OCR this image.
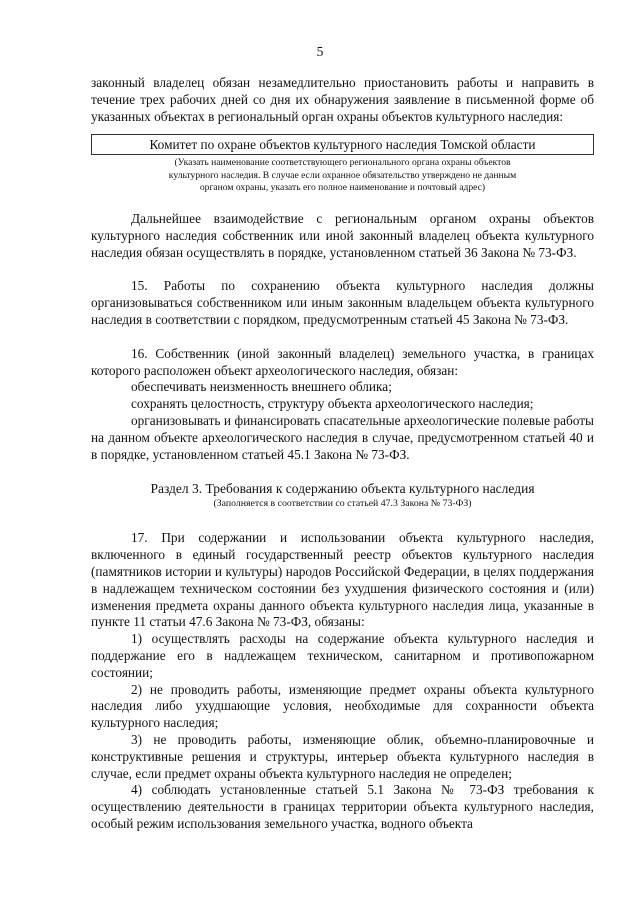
5

законный владелец обязан незамедлительно приостановить работы и направить в течение трех рабочих дней со дня их обнаружения заявление в письменной форме об указанных объектах в региональный орган охраны объектов культурного наследия:

Комитет по охране объектов культурного наследия Томской области
(Указать наименование соответствующего регионального органа охраны объектов культурного наследия. В случае если охранное обязательство утверждено не данным органом охраны, указать его полное наименование и почтовый адрес)

Дальнейшее взаимодействие с региональным органом охраны объектов культурного наследия собственник или иной законный владелец объекта культурного наследия обязан осуществлять в порядке, установленном статьей 36 Закона № 73-ФЗ.

15. Работы по сохранению объекта культурного наследия должны организовываться собственником или иным законным владельцем объекта культурного наследия в соответствии с порядком, предусмотренным статьей 45 Закона № 73-ФЗ.

16. Собственник (иной законный владелец) земельного участка, в границах которого расположен объект археологического наследия, обязан:

обеспечивать неизменность внешнего облика;

сохранять целостность, структуру объекта археологического наследия;

организовывать и финансировать спасательные археологические полевые работы на данном объекте археологического наследия в случае, предусмотренном статьей 40 и в порядке, установленном статьей 45.1 Закона № 73-ФЗ.

Раздел 3. Требования к содержанию объекта культурного наследия
(Заполняется в соответствии со статьей 47.3 Закона № 73-ФЗ)

17. При содержании и использовании объекта культурного наследия, включенного в единый государственный реестр объектов культурного наследия (памятников истории и культуры) народов Российской Федерации, в целях поддержания в надлежащем техническом состоянии без ухудшения физического состояния и (или) изменения предмета охраны данного объекта культурного наследия лица, указанные в пункте 11 статьи 47.6 Закона № 73-ФЗ, обязаны:

1) осуществлять расходы на содержание объекта культурного наследия и поддержание его в надлежащем техническом, санитарном и противопожарном состоянии;

2) не проводить работы, изменяющие предмет охраны объекта культурного наследия либо ухудшающие условия, необходимые для сохранности объекта культурного наследия;

3) не проводить работы, изменяющие облик, объемно-планировочные и конструктивные решения и структуры, интерьер объекта культурного наследия в случае, если предмет охраны объекта культурного наследия не определен;

4) соблюдать установленные статьей 5.1 Закона № 73-ФЗ требования к осуществлению деятельности в границах территории объекта культурного наследия, особый режим использования земельного участка, водного объекта
